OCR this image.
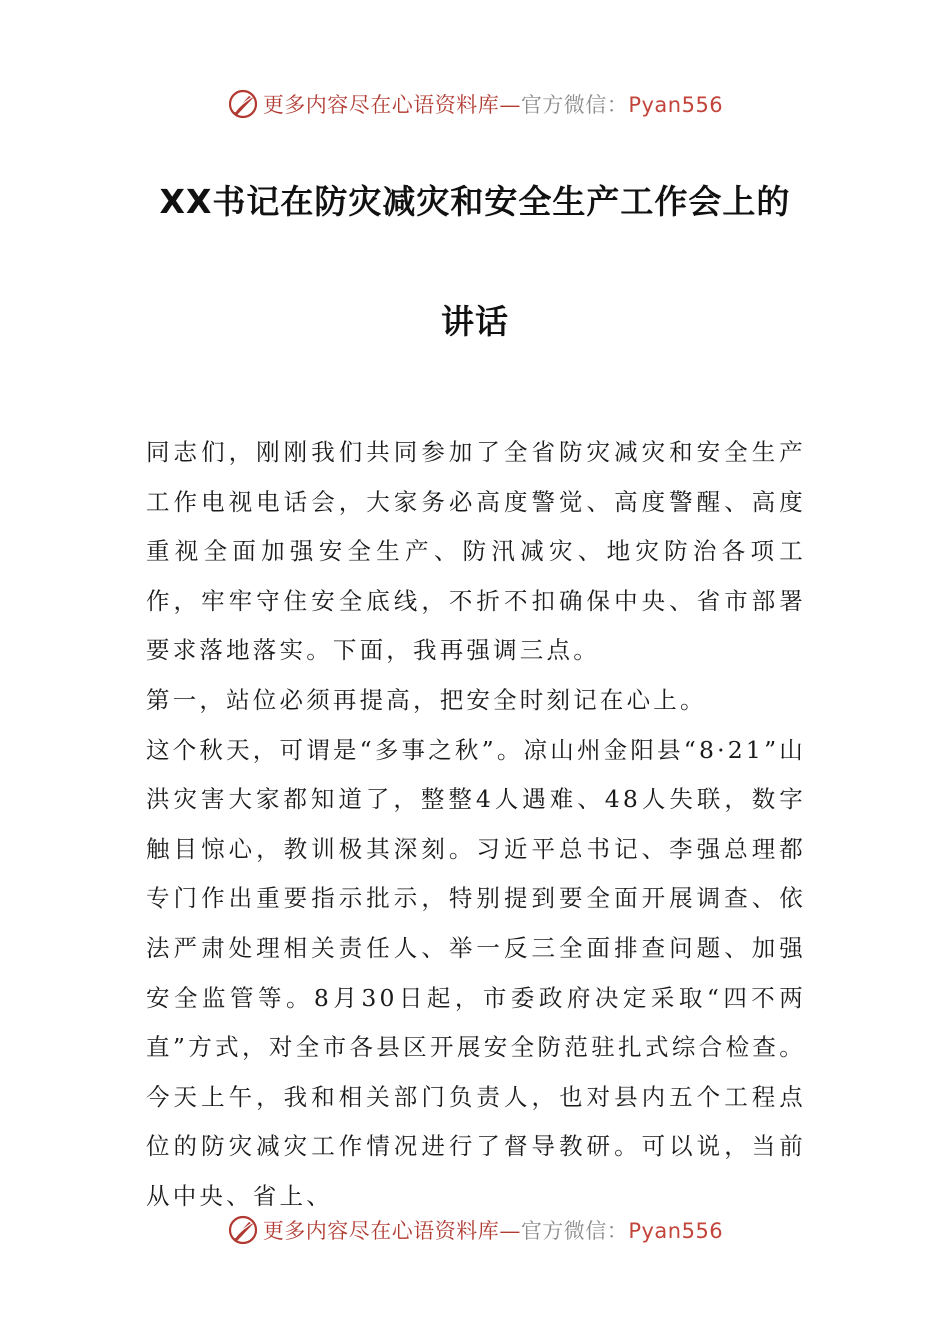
更多内容尽在心语资料库—官方微信：Pyan556
XX书记在防灾减灾和安全生产工作会上的
讲话

同志们，刚刚我们共同参加了全省防灾减灾和安全生产工作电视电话会，大家务必高度警觉、高度警醒、高度重视全面加强安全生产、防汛减灾、地灾防治各项工作，牢牢守住安全底线，不折不扣确保中央、省市部署要求落地落实。下面，我再强调三点。

第一，站位必须再提高，把安全时刻记在心上。

这个秋天，可谓是“多事之秋”。凉山州金阳县“8·21”山洪灾害大家都知道了，整整4人遇难、48人失联，数字触目惊心，教训极其深刻。习近平总书记、李强总理都专门作出重要指示批示，特别提到要全面开展调查、依法严肃处理相关责任人、举一反三全面排查问题、加强安全监管等。8月30日起，市委政府决定采取“四不两直”方式，对全市各县区开展安全防范驻扎式综合检查。今天上午，我和相关部门负责人，也对县内五个工程点位的防灾减灾工作情况进行了督导教研。可以说，当前从中央、省上、

更多内容尽在心语资料库—官方微信：Pyan556
